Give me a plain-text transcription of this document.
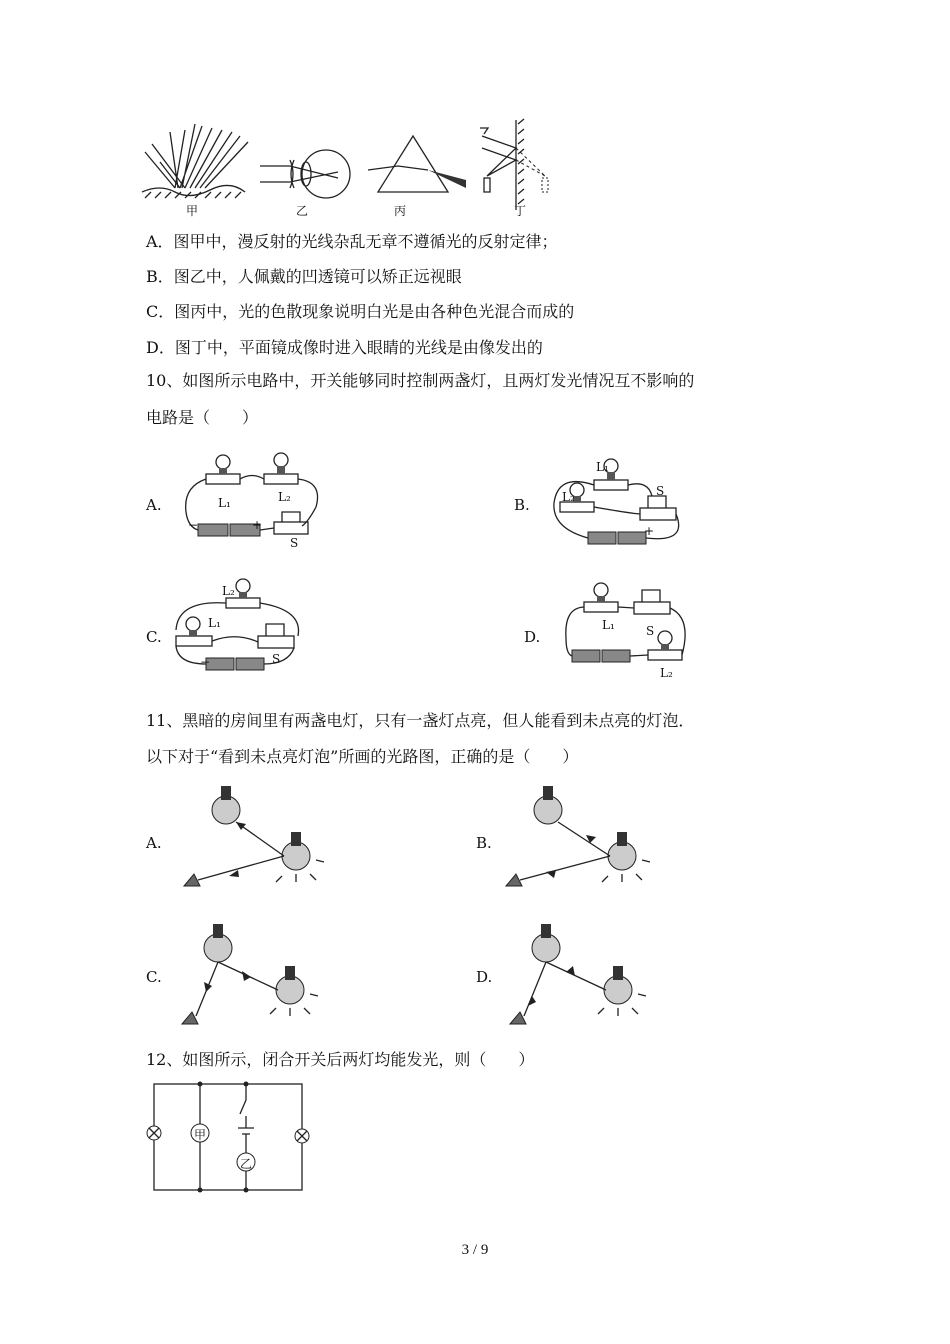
甲	乙	丙	丁
A．图甲中，漫反射的光线杂乱无章不遵循光的反射定律；
B．图乙中，人佩戴的凹透镜可以矫正远视眼
C．图丙中，光的色散现象说明白光是由各种色光混合而成的
D．图丁中，平面镜成像时进入眼睛的光线是由像发出的
10、如图所示电路中，开关能够同时控制两盏灯，且两灯发光情况互不影响的
电路是（　　）
A.	B.
C.	D.
L₁	L₂
S
−	+
L₁
L₂	S
+
L₂
L₁
S
−
L₁	S
L₂
11、黑暗的房间里有两盏电灯，只有一盏灯点亮，但人能看到未点亮的灯泡．
以下对于“看到未点亮灯泡”所画的光路图，正确的是（　　）
A.	B.
C.	D.
12、如图所示，闭合开关后两灯均能发光，则（　　）
甲
乙
3 / 9
